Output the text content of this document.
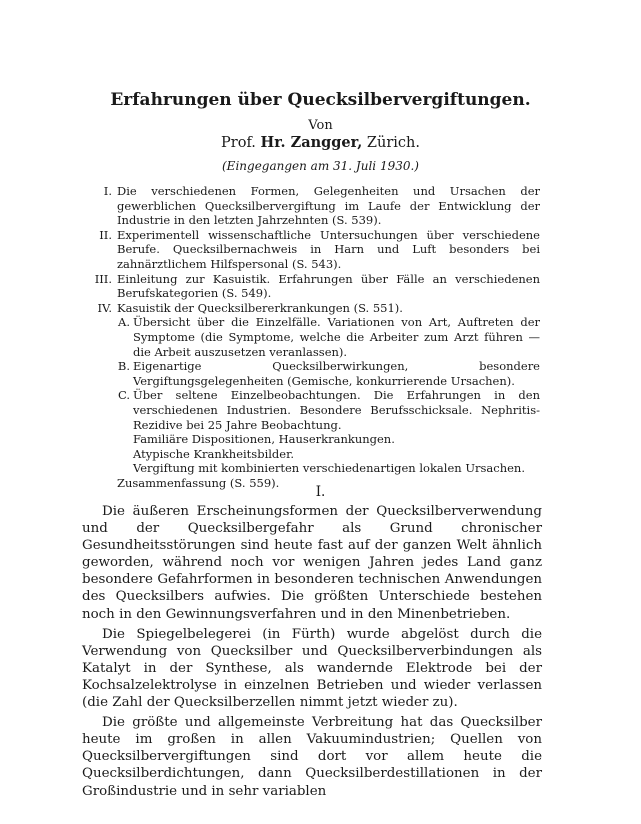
Erfahrungen über Quecksilbervergiftungen.
Von
Prof. Hr. Zangger, Zürich.
(Eingegangen am 31. Juli 1930.)
I. Die verschiedenen Formen, Gelegenheiten und Ursachen der gewerblichen Quecksilbervergiftung im Laufe der Entwicklung der Industrie in den letzten Jahrzehnten (S. 539).
II. Experimentell wissenschaftliche Untersuchungen über verschiedene Berufe. Quecksilbernachweis in Harn und Luft besonders bei zahnärztlichem Hilfspersonal (S. 543).
III. Einleitung zur Kasuistik. Erfahrungen über Fälle an verschiedenen Berufskategorien (S. 549).
IV. Kasuistik der Quecksilbererkrankungen (S. 551).
A. Übersicht über die Einzelfälle. Variationen von Art, Auftreten der Symptome (die Symptome, welche die Arbeiter zum Arzt führen — die Arbeit auszusetzen veranlassen).
B. Eigenartige Quecksilberwirkungen, besondere Vergiftungsgelegenheiten (Gemische, konkurrierende Ursachen).
C. Über seltene Einzelbeobachtungen. Die Erfahrungen in den verschiedenen Industrien. Besondere Berufsschicksale. Nephritis-Rezidive bei 25 Jahre Beobachtung.
Familiäre Dispositionen, Hauserkrankungen.
Atypische Krankheitsbilder.
Vergiftung mit kombinierten verschiedenartigen lokalen Ursachen.
Zusammenfassung (S. 559).
I.

Die äußeren Erscheinungsformen der Quecksilberverwendung und der Quecksilbergefahr als Grund chronischer Gesundheitsstörungen sind heute fast auf der ganzen Welt ähnlich geworden, während noch vor wenigen Jahren jedes Land ganz besondere Gefahrformen in besonderen technischen Anwendungen des Quecksilbers aufwies. Die größten Unterschiede bestehen noch in den Gewinnungsverfahren und in den Minenbetrieben.

Die Spiegelbelegerei (in Fürth) wurde abgelöst durch die Verwendung von Quecksilber und Quecksilberverbindungen als Katalyt in der Synthese, als wandernde Elektrode bei der Kochsalzelektrolyse in einzelnen Betrieben und wieder verlassen (die Zahl der Quecksilberzellen nimmt jetzt wieder zu).

Die größte und allgemeinste Verbreitung hat das Quecksilber heute im großen in allen Vakuumindustrien; Quellen von Quecksilbervergiftungen sind dort vor allem heute die Quecksilberdichtungen, dann Quecksilberdestillationen in der Großindustrie und in sehr variablen
